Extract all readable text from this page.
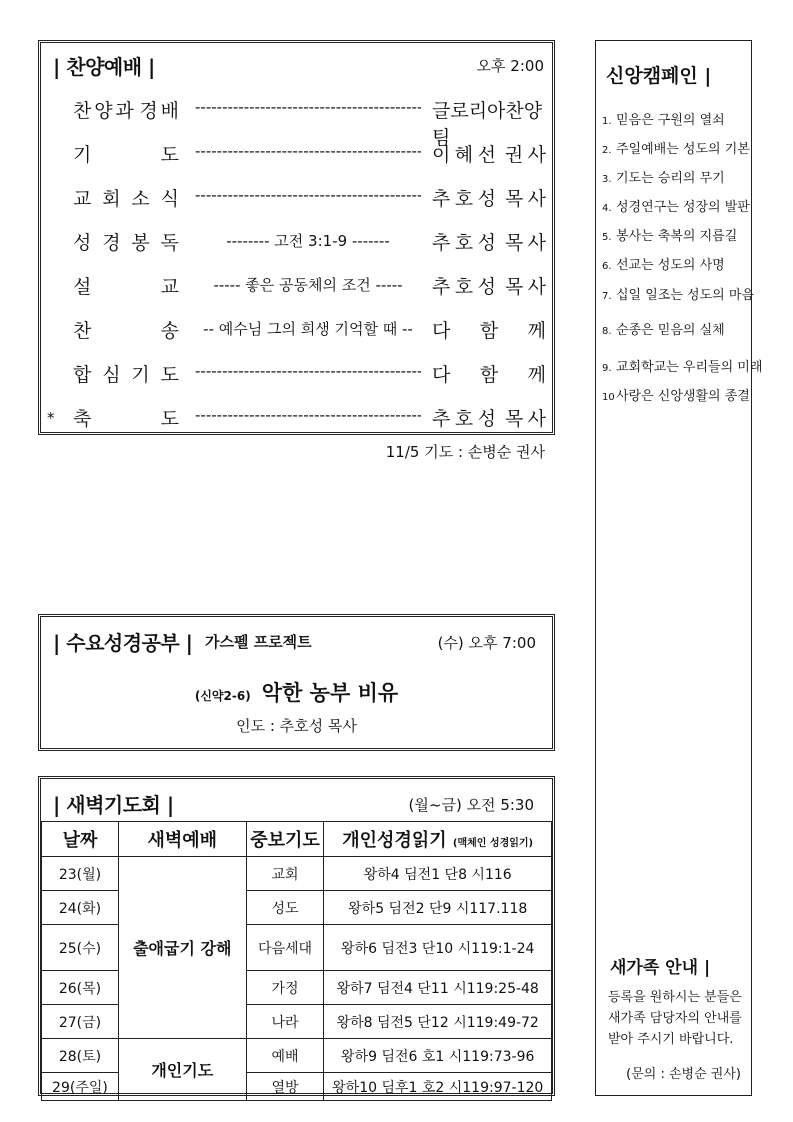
| 찬양예배 |	오후 2:00
찬 양 과 경 배 -----	글로리아찬양팀
기	도 -----	이 혜 선 권 사
교 회 소 식 -----	추 호 성 목 사
성 경 봉 독	-------- 고전 3:1-9 -------	추 호 성 목 사
설	교	----- 좋은 공동체의 조건 -----	추 호 성 목 사
찬	송	-- 예수님 그의 희생 기억할 때 --	다 함 께
합 심 기 도 -----	다 함 께
* 축	도 -----	추 호 성 목 사
11/5 기도 : 손병순 권사
신앙캠페인 |
1. 믿음은 구원의 열쇠
2. 주일예배는 성도의 기본
3. 기도는 승리의 무기
4. 성경연구는 성장의 발판
5. 봉사는 축복의 지름길
6. 선교는 성도의 사명
7. 십일 일조는 성도의 마음
8. 순종은 믿음의 실체
9. 교회학교는 우리들의 미래
10사랑은 신앙생활의 종결
새가족 안내 |
등록을 원하시는 분들은 새가족 담당자의 안내를 받아 주시기 바랍니다.
(문의 : 손병순 권사)
| 수요성경공부 | 가스펠 프로젝트	(수) 오후 7:00
(신약2-6) 악한 농부 비유
인도 : 추호성 목사
| 새벽기도회 |	(월~금) 오전 5:30
날짜	새벽예배	중보기도	개인성경읽기 (맥체인 성경읽기)
23(월)	출애굽기 강해	교회	왕하4 딤전1 단8 시116
24(화)		성도	왕하5 딤전2 단9 시117.118
25(수)		다음세대	왕하6 딤전3 단10 시119:1-24
26(목)		가정	왕하7 딤전4 단11 시119:25-48
27(금)		나라	왕하8 딤전5 단12 시119:49-72
28(토)	개인기도	예배	왕하9 딤전6 호1 시119:73-96
29(주일)		열방	왕하10 딤후1 호2 시119:97-120
